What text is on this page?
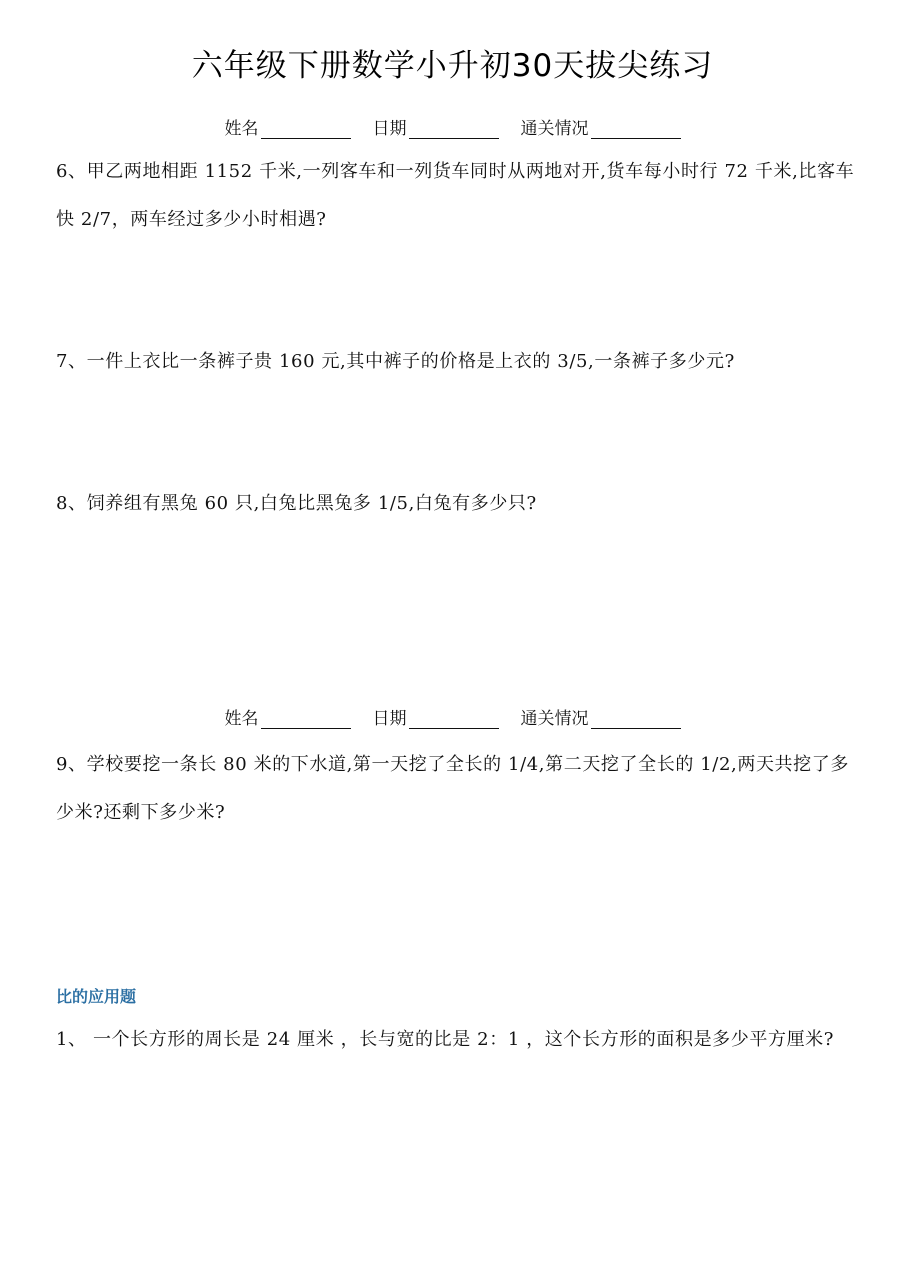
六年级下册数学小升初30天拔尖练习
姓名	日期	通关情况
6、甲乙两地相距 1152 千米,一列客车和一列货车同时从两地对开,货车每小时行 72 千米,比客车快 2/7，两车经过多少小时相遇?
7、一件上衣比一条裤子贵 160 元,其中裤子的价格是上衣的 3/5,一条裤子多少元?
8、饲养组有黑兔 60 只,白兔比黑兔多 1/5,白兔有多少只?
姓名	日期	通关情况
9、学校要挖一条长 80 米的下水道,第一天挖了全长的 1/4,第二天挖了全长的 1/2,两天共挖了多少米?还剩下多少米?
比的应用题
1、 一个长方形的周长是 24 厘米 ，长与宽的比是 2：1 ，这个长方形的面积是多少平方厘米?
